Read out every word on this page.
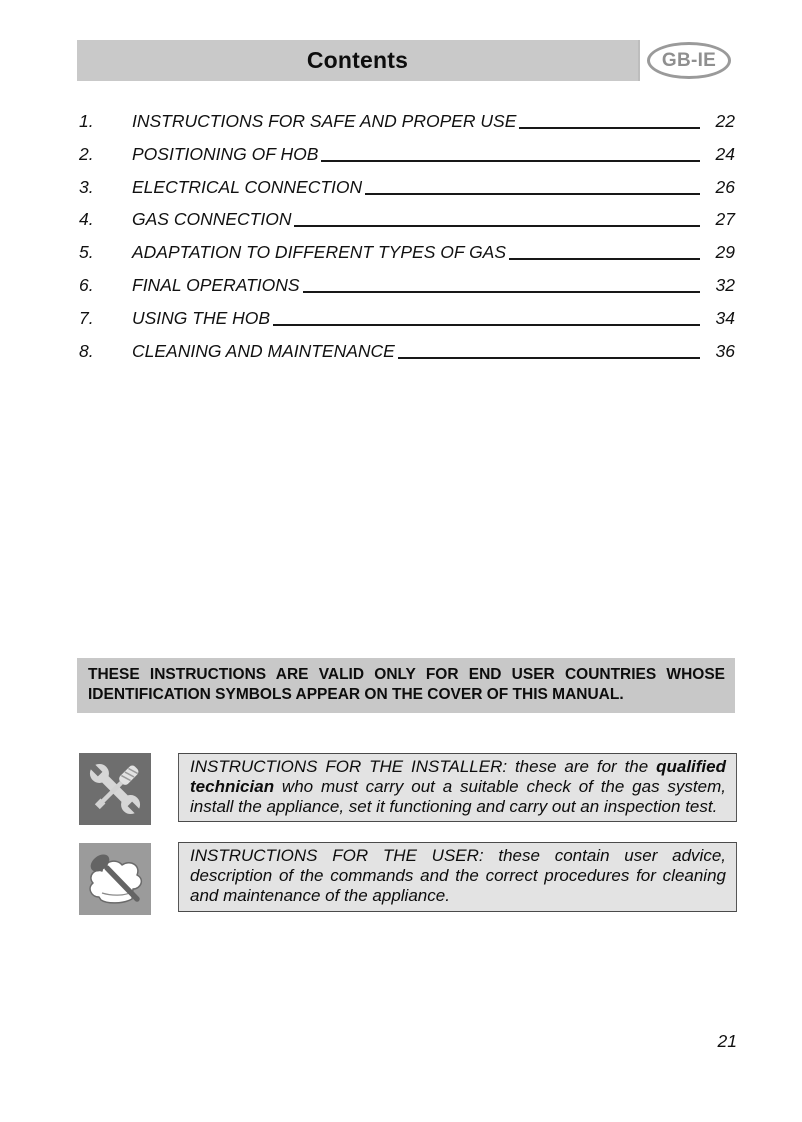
Contents	GB-IE
1.	INSTRUCTIONS FOR SAFE AND PROPER USE	22
2.	POSITIONING OF HOB	24
3.	ELECTRICAL CONNECTION	26
4.	GAS CONNECTION	27
5.	ADAPTATION TO DIFFERENT TYPES OF GAS	29
6.	FINAL OPERATIONS	32
7.	USING THE HOB	34
8.	CLEANING AND MAINTENANCE	36
THESE INSTRUCTIONS ARE VALID ONLY FOR END USER COUNTRIES WHOSE IDENTIFICATION SYMBOLS APPEAR ON THE COVER OF THIS MANUAL.
INSTRUCTIONS FOR THE INSTALLER: these are for the qualified technician who must carry out a suitable check of the gas system, install the appliance, set it functioning and carry out an inspection test.
INSTRUCTIONS FOR THE USER: these contain user advice, description of the commands and the correct procedures for cleaning and maintenance of the appliance.
21
